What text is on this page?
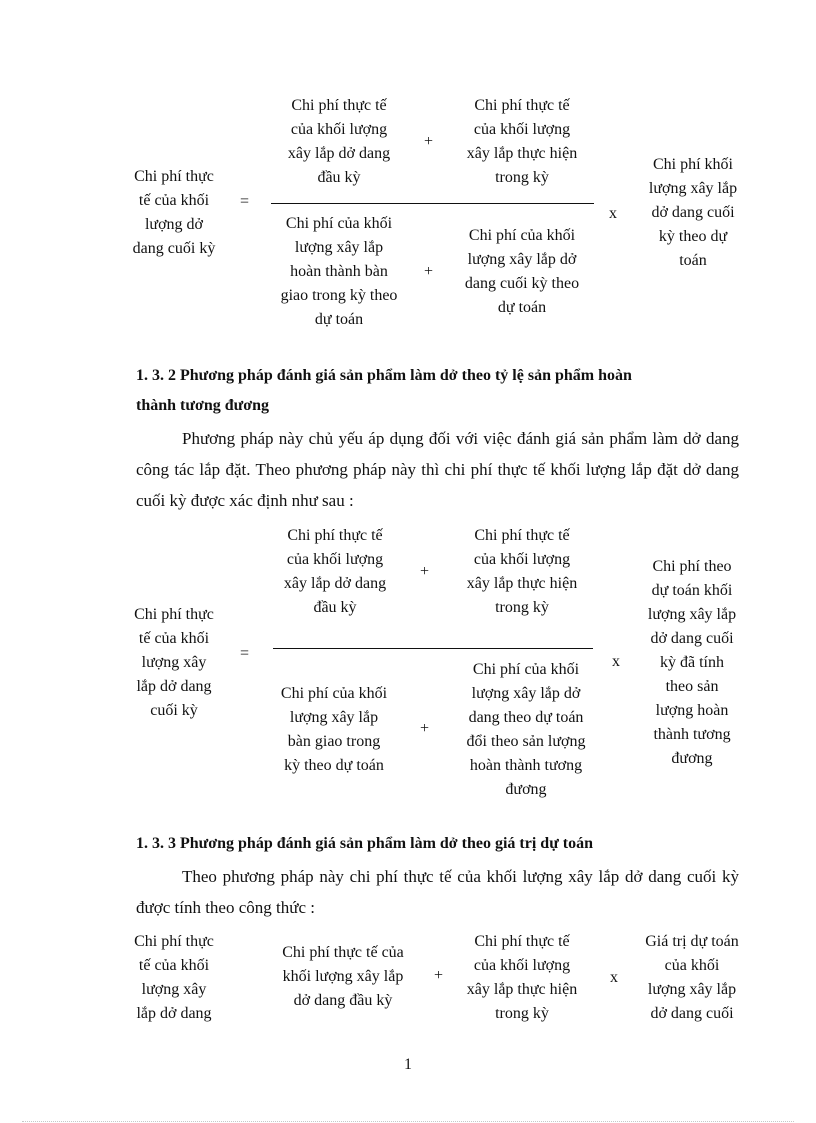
Chi phí thực
tế của khối
lượng dở
dang cuối kỳ
=
Chi phí thực tế
của khối lượng
xây lắp dở dang
đầu kỳ
+
Chi phí thực tế
của khối lượng
xây lắp thực hiện
trong kỳ
Chi phí của khối
lượng xây lắp
hoàn thành bàn
giao trong kỳ theo
dự toán
+
Chi phí của khối
lượng xây lắp dở
dang cuối kỳ theo
dự toán
x
Chi phí khối
lượng xây lắp
dở dang cuối
kỳ theo dự
toán
1. 3. 2 Phương pháp đánh giá sản phẩm làm dở theo tỷ lệ sản phẩm hoàn
thành tương đương

Phương pháp này chủ yếu áp dụng đối với việc đánh giá sản phẩm làm dở dang công tác lắp đặt. Theo phương pháp này thì chi phí thực tế khối lượng lắp đặt dở dang cuối kỳ được xác định như sau :

Chi phí thực
tế của khối
lượng xây
lắp dở dang
cuối kỳ
=
Chi phí thực tế
của khối lượng
xây lắp dở dang
đầu kỳ
+
Chi phí thực tế
của khối lượng
xây lắp thực hiện
trong kỳ
Chi phí của khối
lượng xây lắp
bàn giao trong
kỳ theo dự toán
+
Chi phí của khối
lượng xây lắp dở
dang theo dự toán
đổi theo sản lượng
hoàn thành tương
đương
x
Chi phí theo
dự toán khối
lượng xây lắp
dở dang cuối
kỳ đã tính
theo sản
lượng hoàn
thành tương
đương
1. 3. 3 Phương pháp đánh giá sản phẩm làm dở theo giá trị dự toán

Theo phương pháp này chi phí thực tế của khối lượng xây lắp dở dang cuối kỳ được tính theo công thức :

Chi phí thực
tế của khối
lượng xây
lắp dở dang
Chi phí thực tế của
khối lượng xây lắp
dở dang đầu kỳ
+
Chi phí thực tế
của khối lượng
xây lắp thực hiện
trong kỳ
x
Giá trị dự toán
của khối
lượng xây lắp
dở dang cuối
1
